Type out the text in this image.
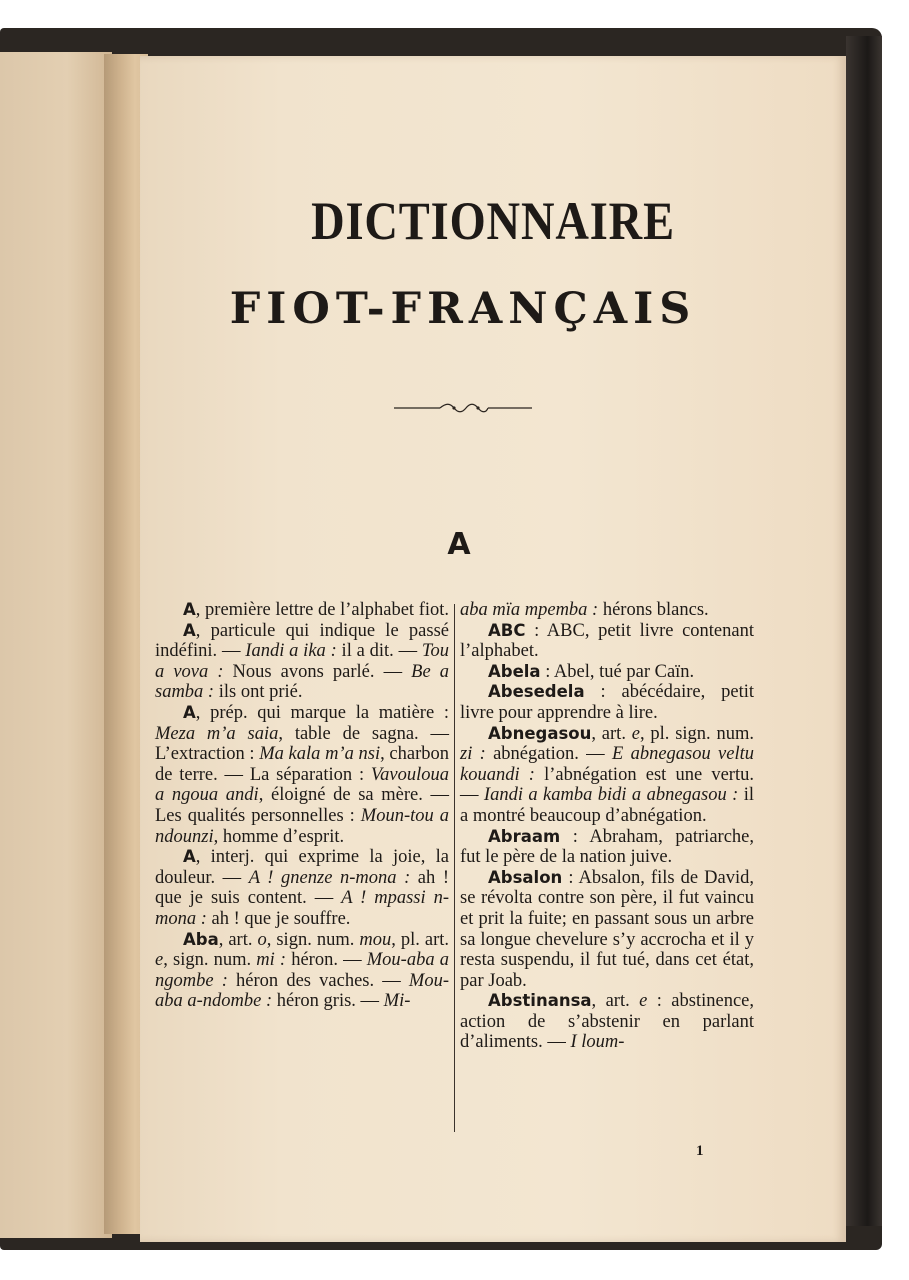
DICTIONNAIRE
FIOT-FRANÇAIS
A

A, première lettre de l’alphabet fiot.

A, particule qui indique le passé indéfini. — Iandi a ika : il a dit. — Tou a vova : Nous avons parlé. — Be a samba : ils ont prié.

A, prép. qui marque la matière : Meza m’a saia, table de sagna. — L’extraction : Ma kala m’a nsi, charbon de terre. — La séparation : Vavouloua a ngoua andi, éloigné de sa mère. — Les qualités personnelles : Moun-tou a ndounzi, homme d’esprit.

A, interj. qui exprime la joie, la douleur. — A ! gnenze n-mona : ah ! que je suis content. — A ! mpassi n-mona : ah ! que je souffre.

Aba, art. o, sign. num. mou, pl. art. e, sign. num. mi : héron. — Mou-aba a ngombe : héron des vaches. — Mou-aba a-ndombe : héron gris. — Mi-

aba mïa mpemba : hérons blancs.

ABC : ABC, petit livre contenant l’alphabet.

Abela : Abel, tué par Caïn.

Abesedela : abécédaire, petit livre pour apprendre à lire.

Abnegasou, art. e, pl. sign. num. zi : abnégation. — E abnegasou veltu kouandi : l’abnégation est une vertu. — Iandi a kamba bidi a abnegasou : il a montré beaucoup d’abnégation.

Abraam : Abraham, patriarche, fut le père de la nation juive.

Absalon : Absalon, fils de David, se révolta contre son père, il fut vaincu et prit la fuite; en passant sous un arbre sa longue chevelure s’y accrocha et il y resta suspendu, il fut tué, dans cet état, par Joab.

Abstinansa, art. e : abstinence, action de s’abstenir en parlant d’aliments. — I loum-

1
